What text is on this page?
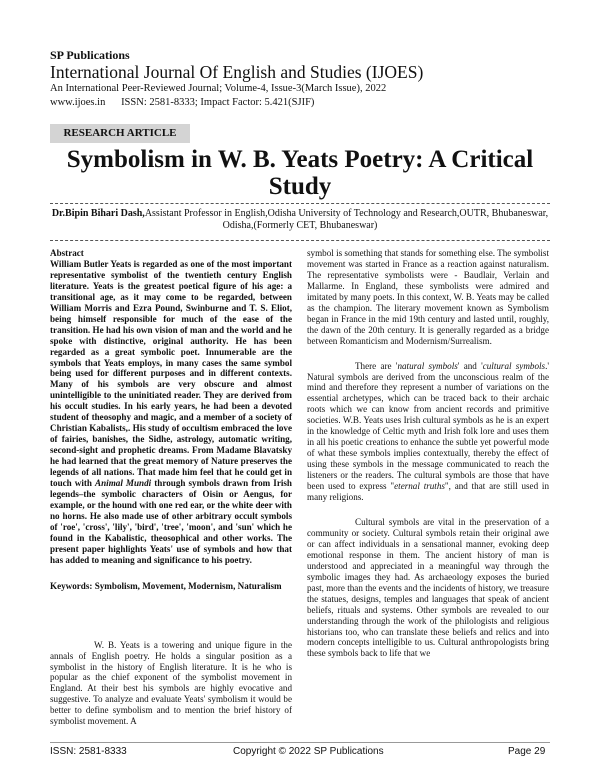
SP Publications
International Journal Of English and Studies (IJOES)
An International Peer-Reviewed Journal; Volume-4, Issue-3(March Issue), 2022
www.ijoes.in      ISSN: 2581-8333; Impact Factor: 5.421(SJIF)
RESEARCH ARTICLE
Symbolism in W. B. Yeats Poetry: A Critical Study
Dr.Bipin Bihari Dash,Assistant Professor in English,Odisha University of Technology and Research,OUTR, Bhubaneswar, Odisha,(Formerly CET, Bhubaneswar)

Abstract

William Butler Yeats is regarded as one of the most important representative symbolist of the twentieth century English literature. Yeats is the greatest poetical figure of his age: a transitional age, as it may come to be regarded, between William Morris and Ezra Pound, Swinburne and T. S. Eliot, being himself responsible for much of the ease of the transition. He had his own vision of man and the world and he spoke with distinctive, original authority. He has been regarded as a great symbolic poet. Innumerable are the symbols that Yeats employs, in many cases the same symbol being used for different purposes and in different contexts. Many of his symbols are very obscure and almost unintelligible to the uninitiated reader. They are derived from his occult studies. In his early years, he had been a devoted student of theosophy and magic, and a member of a society of Christian Kabalists,. His study of occultism embraced the love of fairies, banishes, the Sidhe, astrology, automatic writing, second-sight and prophetic dreams. From Madame Blavatsky he had learned that the great memory of Nature preserves the legends of all nations. That made him feel that he could get in touch with Animal Mundi through symbols drawn from Irish legends–the symbolic characters of Oisin or Aengus, for example, or the hound with one red ear, or the white deer with no horns. He also made use of other arbitrary occult symbols of 'roe', 'cross', 'lily', 'bird', 'tree', 'moon', and 'sun' which he found in the Kabalistic, theosophical and other works. The present paper highlights Yeats' use of symbols and how that has added to meaning and significance to his poetry.

Keywords: Symbolism, Movement, Modernism, Naturalism

W. B. Yeats is a towering and unique figure in the annals of English poetry. He holds a singular position as a symbolist in the history of English literature. It is he who is popular as the chief exponent of the symbolist movement in England. At their best his symbols are highly evocative and suggestive. To analyze and evaluate Yeats' symbolism it would be better to define symbolism and to mention the brief history of symbolist movement. A

symbol is something that stands for something else. The symbolist movement was started in France as a reaction against naturalism. The representative symbolists were - Baudlair, Verlain and Mallarme. In England, these symbolists were admired and imitated by many poets. In this context, W. B. Yeats may be called as the champion. The literary movement known as Symbolism began in France in the mid 19th century and lasted until, roughly, the dawn of the 20th century. It is generally regarded as a bridge between Romanticism and Modernism/Surrealism.

There are 'natural symbols' and 'cultural symbols.' Natural symbols are derived from the unconscious realm of the mind and therefore they represent a number of variations on the essential archetypes, which can be traced back to their archaic roots which we can know from ancient records and primitive societies. W.B. Yeats uses Irish cultural symbols as he is an expert in the knowledge of Celtic myth and Irish folk lore and uses them in all his poetic creations to enhance the subtle yet powerful mode of what these symbols implies contextually, thereby the effect of using these symbols in the message communicated to reach the listeners or the readers. The cultural symbols are those that have been used to express "eternal truths", and that are still used in many religions.

Cultural symbols are vital in the preservation of a community or society. Cultural symbols retain their original awe or can affect individuals in a sensational manner, evoking deep emotional response in them. The ancient history of man is understood and appreciated in a meaningful way through the symbolic images they had. As archaeology exposes the buried past, more than the events and the incidents of history, we treasure the statues, designs, temples and languages that speak of ancient beliefs, rituals and systems. Other symbols are revealed to our understanding through the work of the philologists and religious historians too, who can translate these beliefs and relics and into modern concepts intelligible to us. Cultural anthropologists bring these symbols back to life that we

ISSN: 2581-8333	Copyright © 2022 SP Publications	Page 29
